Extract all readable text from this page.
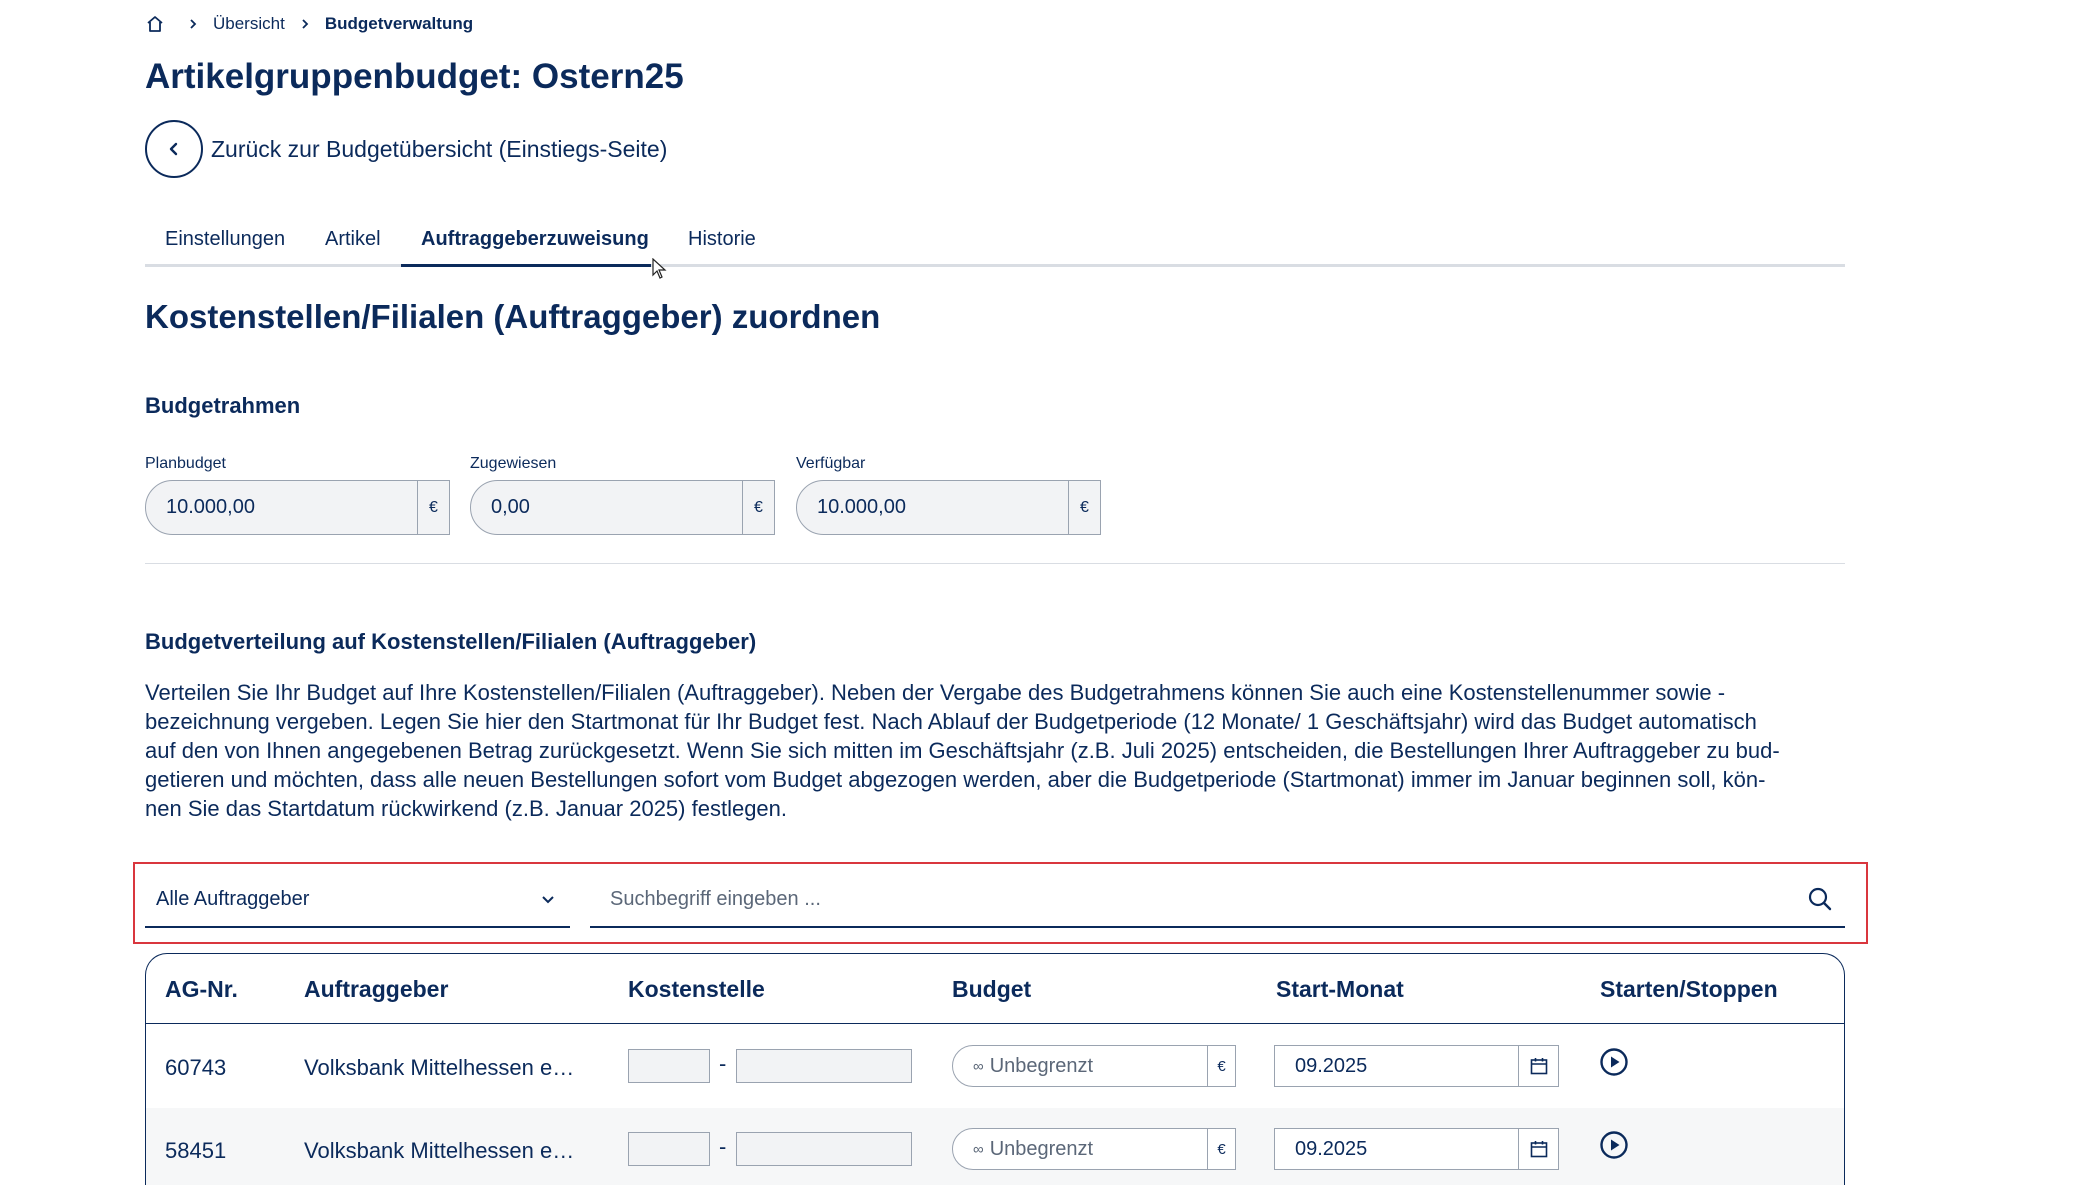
Übersicht Budgetverwaltung
Artikelgruppenbudget: Ostern25
Zurück zur Budgetübersicht (Einstiegs-Seite)
Einstellungen Artikel Auftraggeberzuweisung Historie
Kostenstellen/Filialen (Auftraggeber) zuordnen
Budgetrahmen
Planbudget
10.000,00	€
Zugewiesen
0,00	€
Verfügbar
10.000,00	€
Budgetverteilung auf Kostenstellen/Filialen (Auftraggeber)
Verteilen Sie Ihr Budget auf Ihre Kostenstellen/Filialen (Auftraggeber). Neben der Vergabe des Budgetrahmens können Sie auch eine Kostenstellenummer sowie -
bezeichnung vergeben. Legen Sie hier den Startmonat für Ihr Budget fest. Nach Ablauf der Budgetperiode (12 Monate/ 1 Geschäftsjahr) wird das Budget automatisch
auf den von Ihnen angegebenen Betrag zurückgesetzt. Wenn Sie sich mitten im Geschäftsjahr (z.B. Juli 2025) entscheiden, die Bestellungen Ihrer Auftraggeber zu bud-
getieren und möchten, dass alle neuen Bestellungen sofort vom Budget abgezogen werden, aber die Budgetperiode (Startmonat) immer im Januar beginnen soll, kön-
nen Sie das Startdatum rückwirkend (z.B. Januar 2025) festlegen.
Alle Auftraggeber
Suchbegriff eingeben ...
AG-Nr.	Auftraggeber	Kostenstelle	Budget	Start-Monat	Starten/Stoppen
60743	Volksbank Mittelhessen e…	-	∞ Unbegrenzt	€	09.2025
58451	Volksbank Mittelhessen e…	-	∞ Unbegrenzt	€	09.2025
